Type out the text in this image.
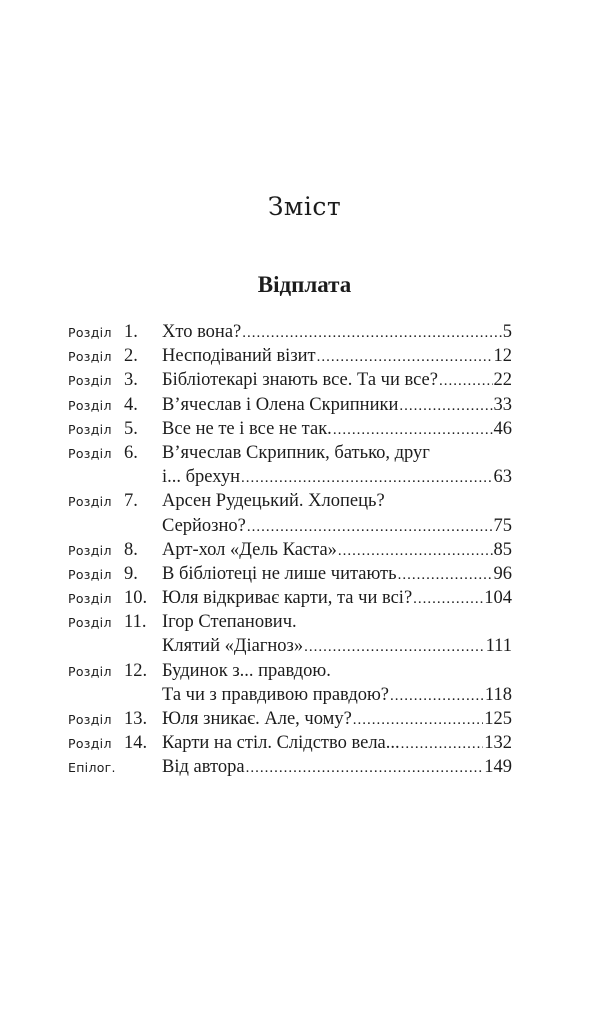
Зміст
Відплата
Розділ 1.	Хто вона? .....	5
Розділ 2.	Несподіваний візит .....	12
Розділ 3.	Бібліотекарі знають все. Та чи все? .....	22
Розділ 4.	В’ячеслав і Олена Скрипники .....	33
Розділ 5.	Все не те і все не так. .....	46
Розділ 6.	В’ячеслав Скрипник, батько, друг
і... брехун .....	63
Розділ 7.	Арсен Рудецький. Хлопець?
Серйозно? .....	75
Розділ 8.	Арт-хол «Дель Каста» .....	85
Розділ 9.	В бібліотеці не лише читають .....	96
Розділ 10. Юля відкриває карти, та чи всі? .....	104
Розділ 11. Ігор Степанович.
Клятий «Діагноз» .....	111
Розділ 12. Будинок з... правдою.
Та чи з правдивою правдою? .....	118
Розділ 13. Юля зникає. Але, чому? .....	125
Розділ 14. Карти на стіл. Слідство вела... .....	132
Епілог.	Від автора .....	149
